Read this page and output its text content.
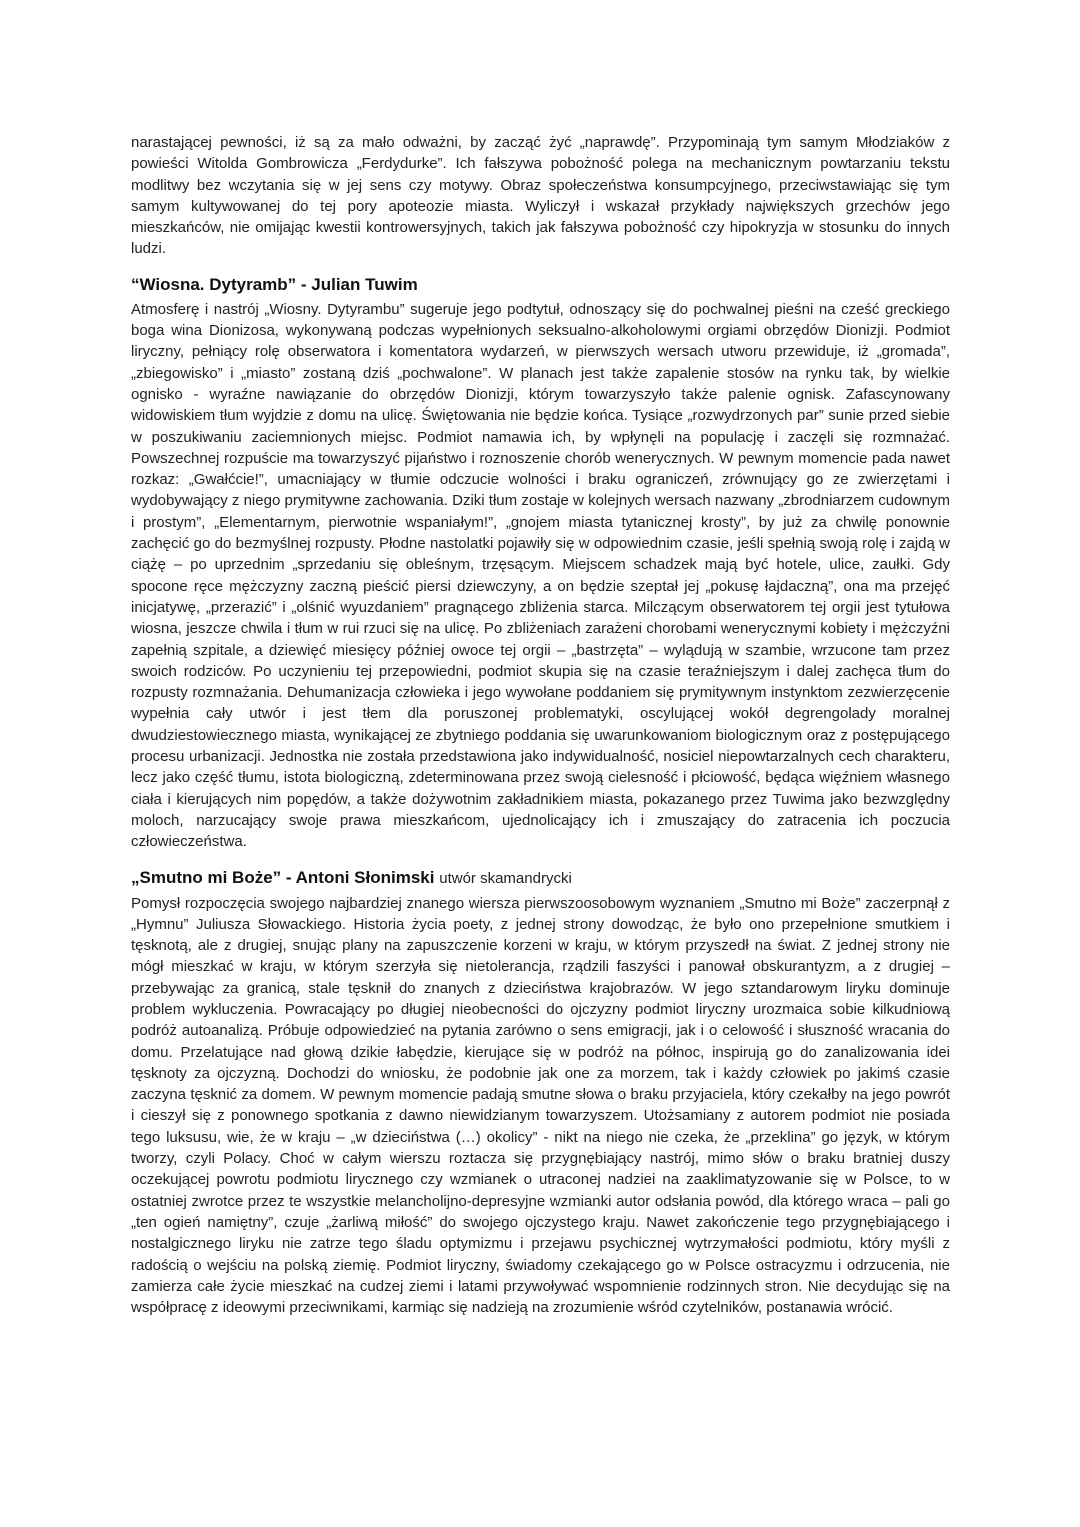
narastającej pewności, iż są za mało odważni, by zacząć żyć „naprawdę”. Przypominają tym samym Młodziaków z powieści Witolda Gombrowicza „Ferdydurke”. Ich fałszywa pobożność polega na mechanicznym powtarzaniu tekstu modlitwy bez wczytania się w jej sens czy motywy. Obraz społeczeństwa konsumpcyjnego, przeciwstawiając się tym samym kultywowanej do tej pory apoteozie miasta. Wyliczył i wskazał przykłady największych grzechów jego mieszkańców, nie omijając kwestii kontrowersyjnych, takich jak fałszywa pobożność czy hipokryzja w stosunku do innych ludzi.

“Wiosna. Dytyramb” - Julian Tuwim

Atmosferę i nastrój „Wiosny. Dytyrambu” sugeruje jego podtytuł, odnoszący się do pochwalnej pieśni na cześć greckiego boga wina Dionizosa, wykonywaną podczas wypełnionych seksualno-alkoholowymi orgiami obrzędów Dionizji. Podmiot liryczny, pełniący rolę obserwatora i komentatora wydarzeń, w pierwszych wersach utworu przewiduje, iż „gromada”, „zbiegowisko” i „miasto” zostaną dziś „pochwalone”. W planach jest także zapalenie stosów na rynku tak, by wielkie ognisko - wyraźne nawiązanie do obrzędów Dionizji, którym towarzyszyło także palenie ognisk. Zafascynowany widowiskiem tłum wyjdzie z domu na ulicę. Świętowania nie będzie końca. Tysiące „rozwydrzonych par” sunie przed siebie w poszukiwaniu zaciemnionych miejsc. Podmiot namawia ich, by wpłynęli na populację i zaczęli się rozmnażać. Powszechnej rozpuście ma towarzyszyć pijaństwo i roznoszenie chorób wenerycznych. W pewnym momencie pada nawet rozkaz: „Gwałćcie!”, umacniający w tłumie odczucie wolności i braku ograniczeń, zrównujący go ze zwierzętami i wydobywający z niego prymitywne zachowania. Dziki tłum zostaje w kolejnych wersach nazwany „zbrodniarzem cudownym i prostym”, „Elementarnym, pierwotnie wspaniałym!”, „gnojem miasta tytanicznej krosty”, by już za chwilę ponownie zachęcić go do bezmyślnej rozpusty. Płodne nastolatki pojawiły się w odpowiednim czasie, jeśli spełnią swoją rolę i zajdą w ciążę – po uprzednim „sprzedaniu się obleśnym, trzęsącym. Miejscem schadzek mają być hotele, ulice, zaułki. Gdy spocone ręce mężczyzny zaczną pieścić piersi dziewczyny, a on będzie szeptał jej „pokusę łajdaczną”, ona ma przejęć inicjatywę, „przerazić” i „olśnić wyuzdaniem” pragnącego zbliżenia starca. Milczącym obserwatorem tej orgii jest tytułowa wiosna, jeszcze chwila i tłum w rui rzuci się na ulicę. Po zbliżeniach zarażeni chorobami wenerycznymi kobiety i mężczyźni zapełnią szpitale, a dziewięć miesięcy później owoce tej orgii – „bastrzęta” – wylądują w szambie, wrzucone tam przez swoich rodziców. Po uczynieniu tej przepowiedni, podmiot skupia się na czasie teraźniejszym i dalej zachęca tłum do rozpusty rozmnażania. Dehumanizacja człowieka i jego wywołane poddaniem się prymitywnym instynktom zezwierzęcenie wypełnia cały utwór i jest tłem dla poruszonej problematyki, oscylującej wokół degrengolady moralnej dwudziestowiecznego miasta, wynikającej ze zbytniego poddania się uwarunkowaniom biologicznym oraz z postępującego procesu urbanizacji. Jednostka nie została przedstawiona jako indywidualność, nosiciel niepowtarzalnych cech charakteru, lecz jako część tłumu, istota biologiczną, zdeterminowana przez swoją cielesność i płciowość, będąca więźniem własnego ciała i kierujących nim popędów, a także dożywotnim zakładnikiem miasta, pokazanego przez Tuwima jako bezwzględny moloch, narzucający swoje prawa mieszkańcom, ujednolicający ich i zmuszający do zatracenia ich poczucia człowieczeństwa.

„Smutno mi Boże” - Antoni Słonimski utwór skamandrycki

Pomysł rozpoczęcia swojego najbardziej znanego wiersza pierwszoosobowym wyznaniem „Smutno mi Boże” zaczerpnął z „Hymnu” Juliusza Słowackiego. Historia życia poety, z jednej strony dowodząc, że było ono przepełnione smutkiem i tęsknotą, ale z drugiej, snując plany na zapuszczenie korzeni w kraju, w którym przyszedł na świat. Z jednej strony nie mógł mieszkać w kraju, w którym szerzyła się nietolerancja, rządzili faszyści i panował obskurantyzm, a z drugiej – przebywając za granicą, stale tęsknił do znanych z dzieciństwa krajobrazów. W jego sztandarowym liryku dominuje problem wykluczenia. Powracający po długiej nieobecności do ojczyzny podmiot liryczny urozmaica sobie kilkudniową podróż autoanalizą. Próbuje odpowiedzieć na pytania zarówno o sens emigracji, jak i o celowość i słuszność wracania do domu. Przelatujące nad głową dzikie łabędzie, kierujące się w podróż na północ, inspirują go do zanalizowania idei tęsknoty za ojczyzną. Dochodzi do wniosku, że podobnie jak one za morzem, tak i każdy człowiek po jakimś czasie zaczyna tęsknić za domem. W pewnym momencie padają smutne słowa o braku przyjaciela, który czekałby na jego powrót i cieszył się z ponownego spotkania z dawno niewidzianym towarzyszem. Utożsamiany z autorem podmiot nie posiada tego luksusu, wie, że w kraju – „w dzieciństwa (…) okolicy” - nikt na niego nie czeka, że „przeklina” go język, w którym tworzy, czyli Polacy. Choć w całym wierszu roztacza się przygnębiający nastrój, mimo słów o braku bratniej duszy oczekującej powrotu podmiotu lirycznego czy wzmianek o utraconej nadziei na zaaklimatyzowanie się w Polsce, to w ostatniej zwrotce przez te wszystkie melancholijno-depresyjne wzmianki autor odsłania powód, dla którego wraca – pali go „ten ogień namiętny”, czuje „żarliwą miłość” do swojego ojczystego kraju. Nawet zakończenie tego przygnębiającego i nostalgicznego liryku nie zatrze tego śladu optymizmu i przejawu psychicznej wytrzymałości podmiotu, który myśli z radością o wejściu na polską ziemię. Podmiot liryczny, świadomy czekającego go w Polsce ostracyzmu i odrzucenia, nie zamierza całe życie mieszkać na cudzej ziemi i latami przywoływać wspomnienie rodzinnych stron. Nie decydując się na współpracę z ideowymi przeciwnikami, karmiąc się nadzieją na zrozumienie wśród czytelników, postanawia wrócić.
